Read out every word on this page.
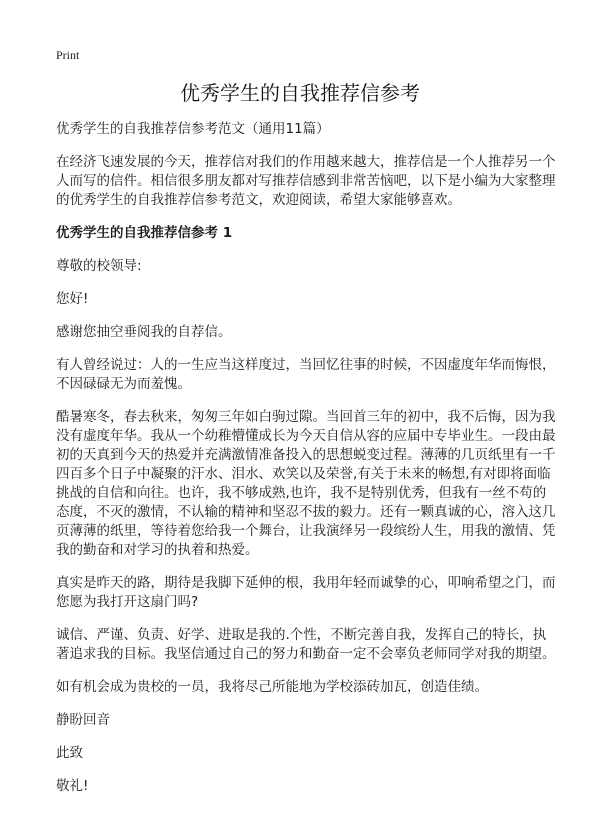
Print
优秀学生的自我推荐信参考

优秀学生的自我推荐信参考范文（通用11篇）

在经济飞速发展的今天，推荐信对我们的作用越来越大，推荐信是一个人推荐另一个人而写的信件。相信很多朋友都对写推荐信感到非常苦恼吧，以下是小编为大家整理的优秀学生的自我推荐信参考范文，欢迎阅读，希望大家能够喜欢。

优秀学生的自我推荐信参考 1

尊敬的校领导:

您好!

感谢您抽空垂阅我的自荐信。

有人曾经说过：人的一生应当这样度过，当回忆往事的时候，不因虚度年华而悔恨，不因碌碌无为而羞愧。

酷暑寒冬，春去秋来，匆匆三年如白驹过隙。当回首三年的初中，我不后悔，因为我没有虚度年华。我从一个幼稚懵懂成长为今天自信从容的应届中专毕业生。一段由最初的天真到今天的热爱并充满激情准备投入的思想蜕变过程。薄薄的几页纸里有一千四百多个日子中凝聚的汗水、泪水、欢笑以及荣誉,有关于未来的畅想,有对即将面临挑战的自信和向往。也许，我不够成熟,也许，我不是特别优秀，但我有一丝不苟的态度，不灭的激情，不认输的精神和坚忍不拔的毅力。还有一颗真诚的心，溶入这几页薄薄的纸里，等待着您给我一个舞台，让我演绎另一段缤纷人生，用我的激情、凭我的勤奋和对学习的执着和热爱。

真实是昨天的路，期待是我脚下延伸的根，我用年轻而诚挚的心，叩响希望之门，而您愿为我打开这扇门吗?

诚信、严谨、负责、好学、进取是我的.个性，不断完善自我，发挥自己的特长，执著追求我的目标。我坚信通过自己的努力和勤奋一定不会辜负老师同学对我的期望。

如有机会成为贵校的一员，我将尽己所能地为学校添砖加瓦，创造佳绩。

静盼回音

此致

敬礼!
